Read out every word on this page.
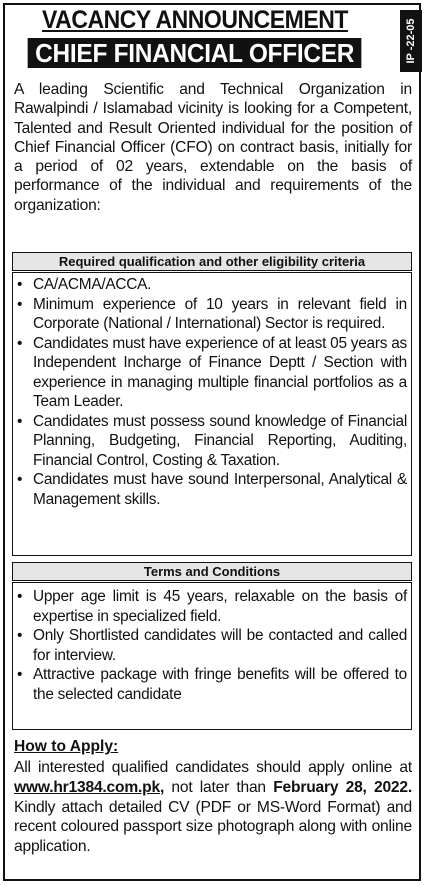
VACANCY ANNOUNCEMENT
CHIEF FINANCIAL OFFICER	IP -22-05
A leading Scientific and Technical Organization in Rawalpindi / Islamabad vicinity is looking for a Competent, Talented and Result Oriented individual for the position of Chief Financial Officer (CFO) on contract basis, initially for a period of 02 years, extendable on the basis of performance of the individual and requirements of the organization:
Required qualification and other eligibility criteria
• CA/ACMA/ACCA.
• Minimum experience of 10 years in relevant field in Corporate (National / International) Sector is required.
• Candidates must have experience of at least 05 years as Independent Incharge of Finance Deptt / Section with experience in managing multiple financial portfolios as a Team Leader.
• Candidates must possess sound knowledge of Financial Planning, Budgeting, Financial Reporting, Auditing, Financial Control, Costing & Taxation.
• Candidates must have sound Interpersonal, Analytical & Management skills.
Terms and Conditions
• Upper age limit is 45 years, relaxable on the basis of expertise in specialized field.
• Only Shortlisted candidates will be contacted and called for interview.
• Attractive package with fringe benefits will be offered to the selected candidate
How to Apply:
All interested qualified candidates should apply online at www.hr1384.com.pk, not later than February 28, 2022. Kindly attach detailed CV (PDF or MS-Word Format) and recent coloured passport size photograph along with online application.
